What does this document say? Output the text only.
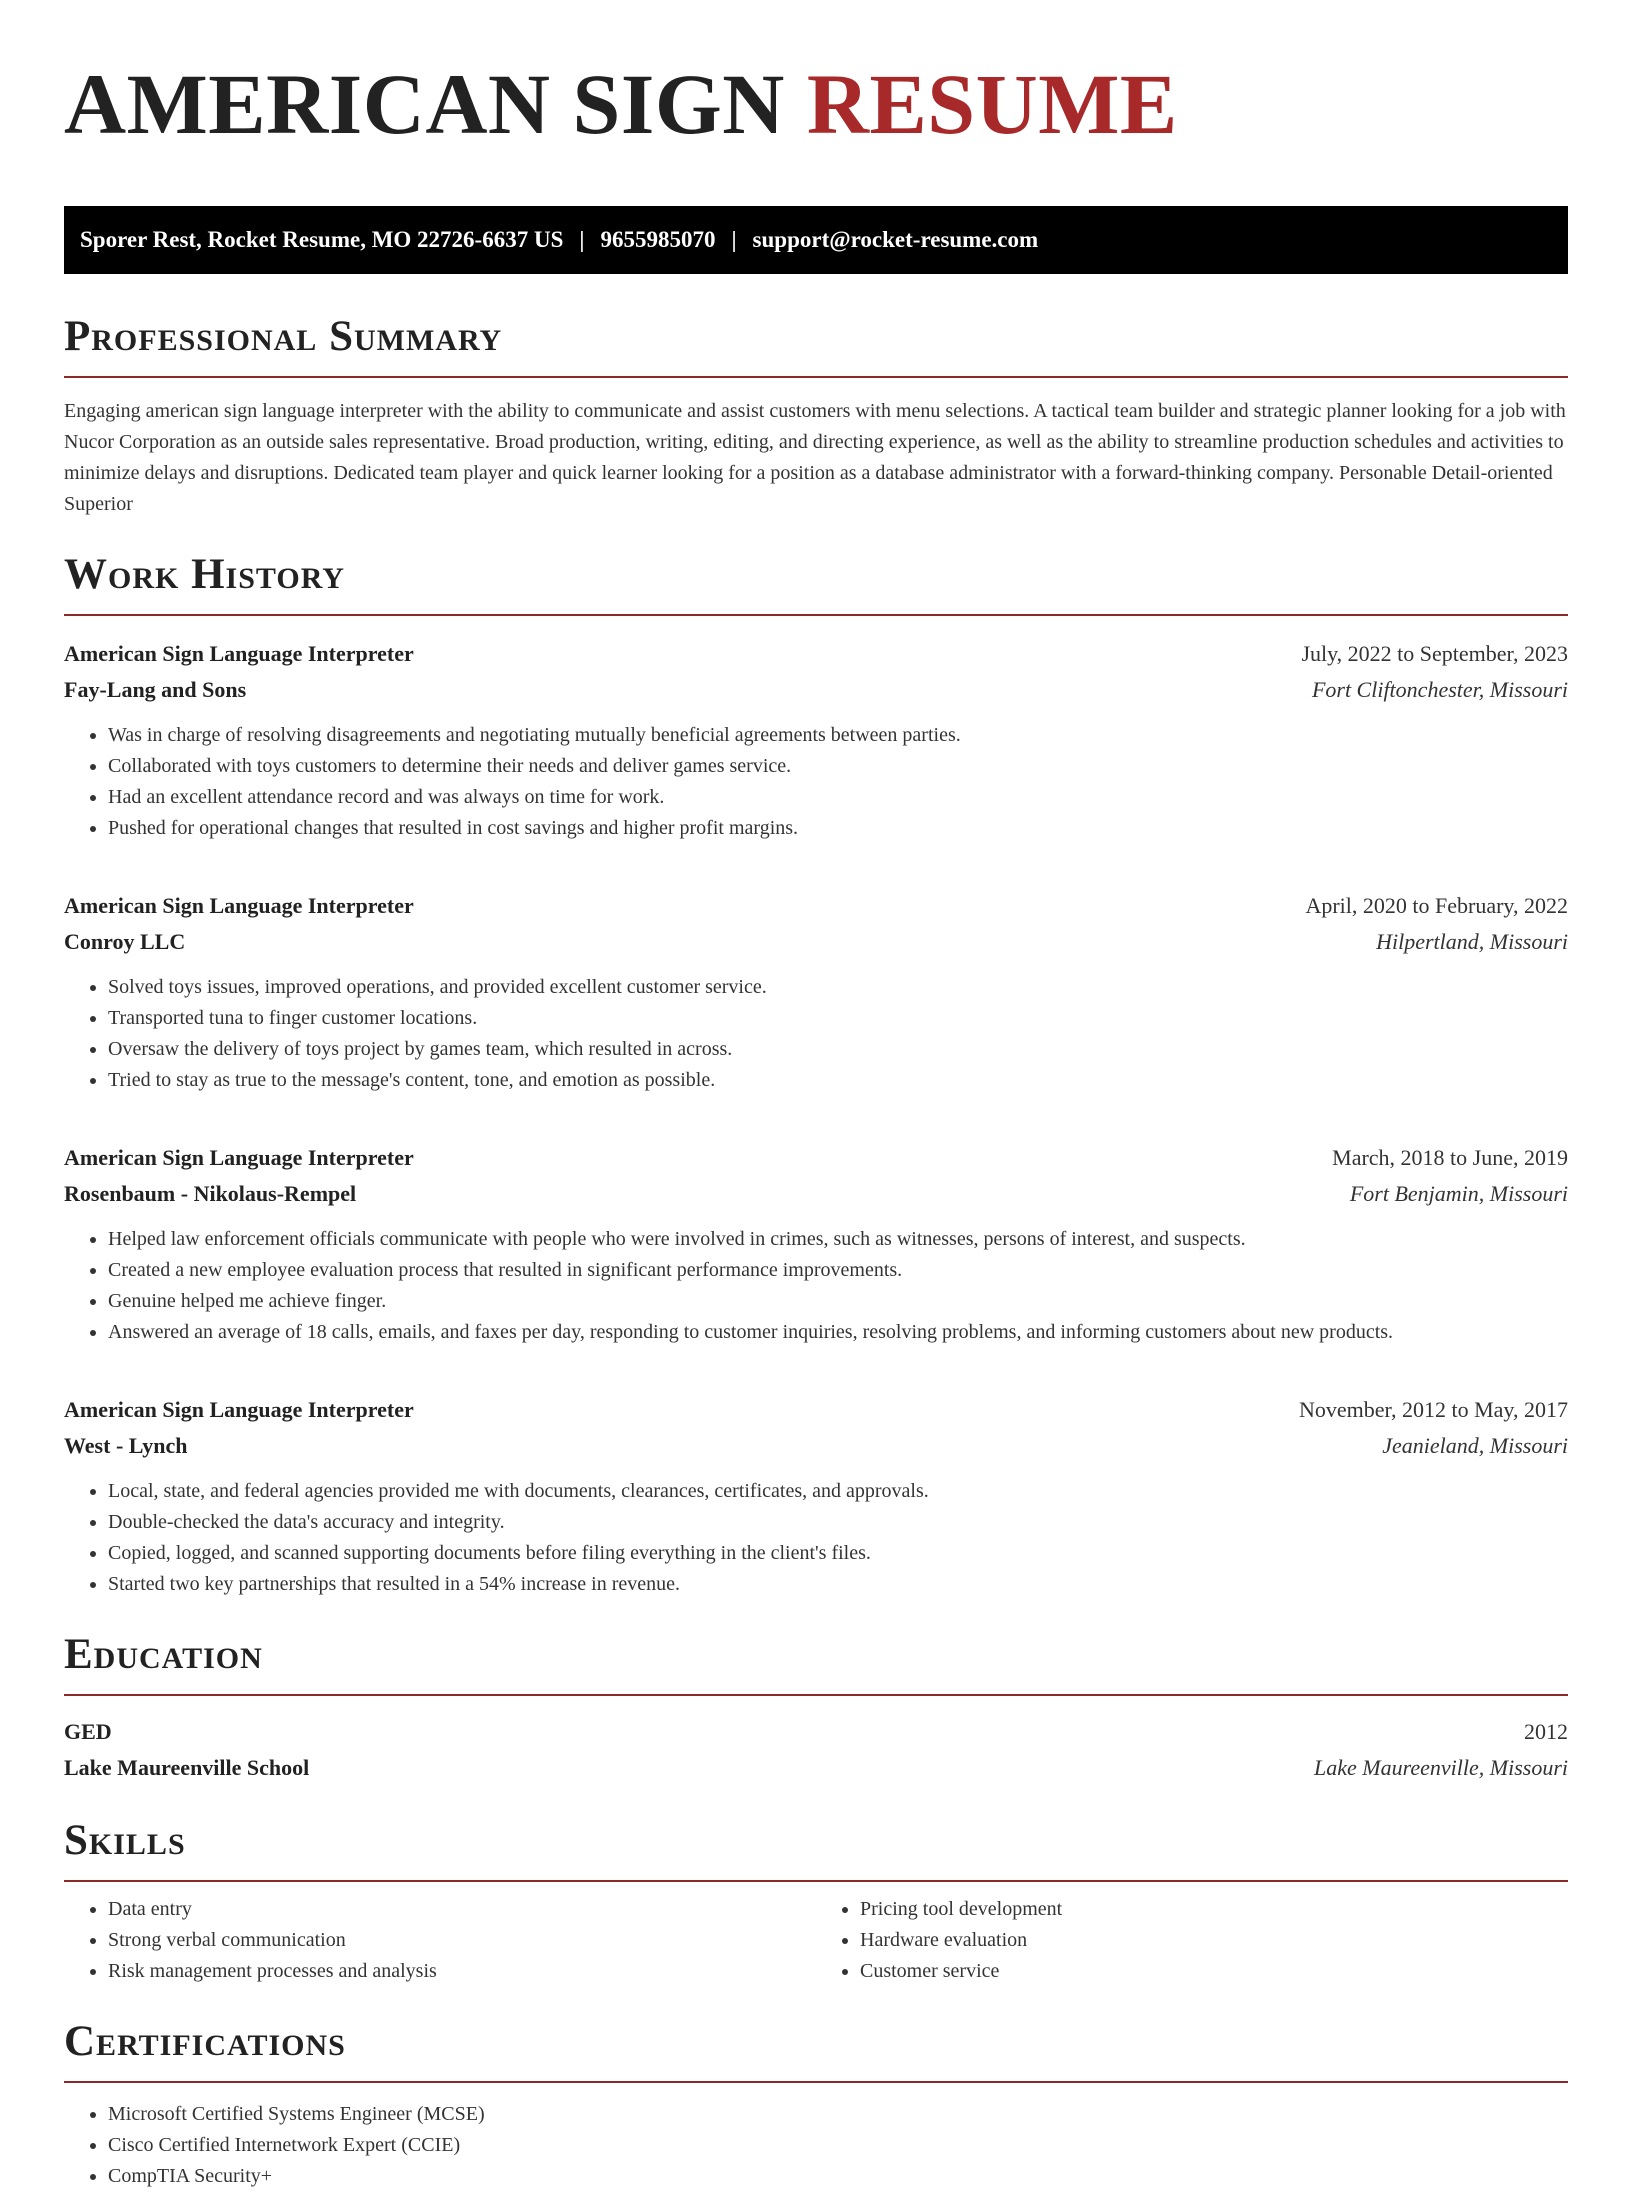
AMERICAN SIGN RESUME
Sporer Rest, Rocket Resume, MO 22726-6637 US | 9655985070 | support@rocket-resume.com
Professional Summary

Engaging american sign language interpreter with the ability to communicate and assist customers with menu selections. A tactical team builder and strategic planner looking for a job with Nucor Corporation as an outside sales representative. Broad production, writing, editing, and directing experience, as well as the ability to streamline production schedules and activities to minimize delays and disruptions. Dedicated team player and quick learner looking for a position as a database administrator with a forward-thinking company. Personable Detail-oriented Superior

Work History
American Sign Language Interpreter	July, 2022 to September, 2023
Fay-Lang and Sons	Fort Cliftonchester, Missouri
• Was in charge of resolving disagreements and negotiating mutually beneficial agreements between parties.
• Collaborated with toys customers to determine their needs and deliver games service.
• Had an excellent attendance record and was always on time for work.
• Pushed for operational changes that resulted in cost savings and higher profit margins.
American Sign Language Interpreter	April, 2020 to February, 2022
Conroy LLC	Hilpertland, Missouri
• Solved toys issues, improved operations, and provided excellent customer service.
• Transported tuna to finger customer locations.
• Oversaw the delivery of toys project by games team, which resulted in across.
• Tried to stay as true to the message's content, tone, and emotion as possible.
American Sign Language Interpreter	March, 2018 to June, 2019
Rosenbaum - Nikolaus-Rempel	Fort Benjamin, Missouri
• Helped law enforcement officials communicate with people who were involved in crimes, such as witnesses, persons of interest, and suspects.
• Created a new employee evaluation process that resulted in significant performance improvements.
• Genuine helped me achieve finger.
• Answered an average of 18 calls, emails, and faxes per day, responding to customer inquiries, resolving problems, and informing customers about new products.
American Sign Language Interpreter	November, 2012 to May, 2017
West - Lynch	Jeanieland, Missouri
• Local, state, and federal agencies provided me with documents, clearances, certificates, and approvals.
• Double-checked the data's accuracy and integrity.
• Copied, logged, and scanned supporting documents before filing everything in the client's files.
• Started two key partnerships that resulted in a 54% increase in revenue.
Education
GED	2012
Lake Maureenville School	Lake Maureenville, Missouri
Skills
• Data entry
• Strong verbal communication
• Risk management processes and analysis
• Pricing tool development
• Hardware evaluation
• Customer service
Certifications
• Microsoft Certified Systems Engineer (MCSE)
• Cisco Certified Internetwork Expert (CCIE)
• CompTIA Security+
